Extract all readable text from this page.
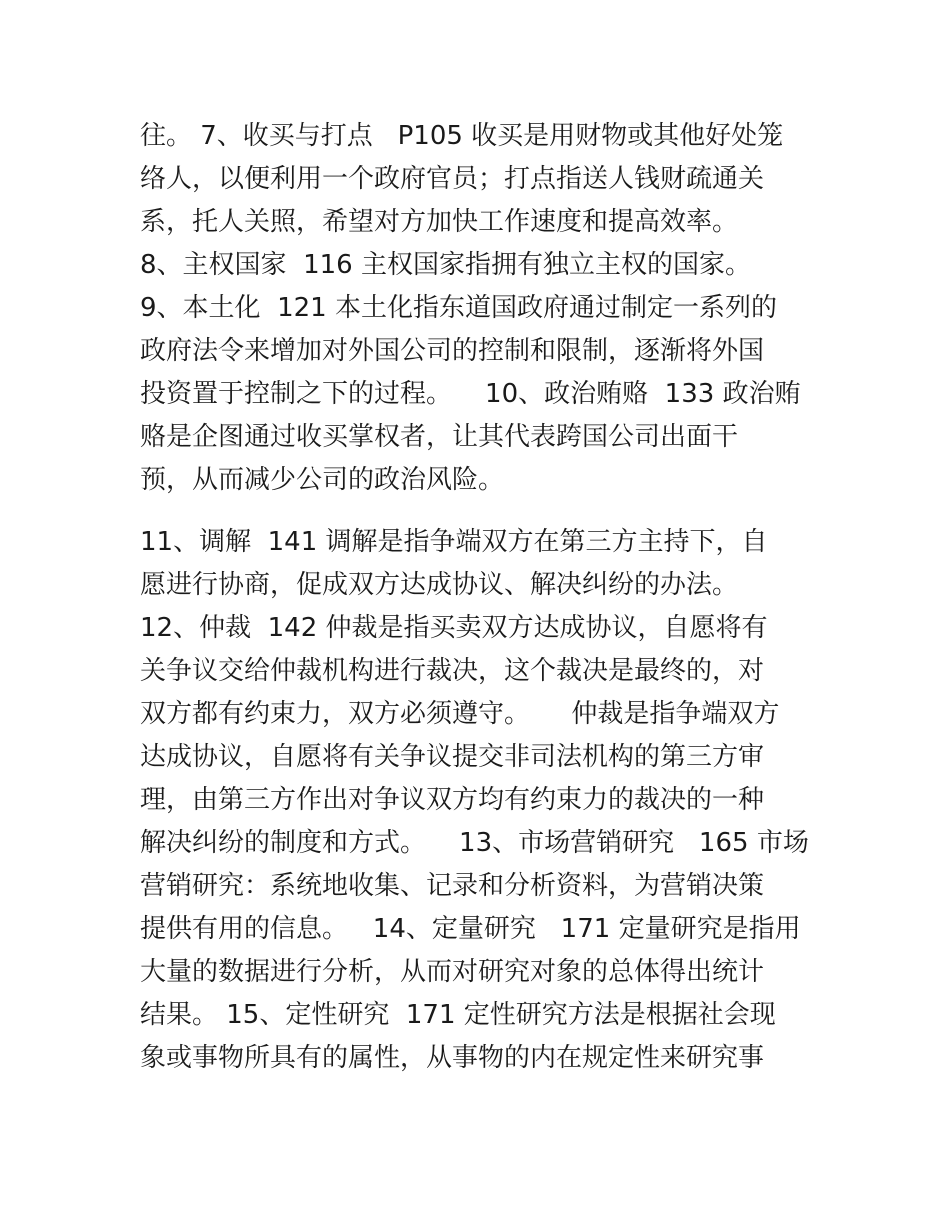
往。 7、收买与打点   P105 收买是用财物或其他好处笼
络人，以便利用一个政府官员；打点指送人钱财疏通关
系，托人关照，希望对方加快工作速度和提高效率。
8、主权国家  116 主权国家指拥有独立主权的国家。
9、本土化  121 本土化指东道国政府通过制定一系列的
政府法令来增加对外国公司的控制和限制，逐渐将外国
投资置于控制之下的过程。    10、政治贿赂  133 政治贿
赂是企图通过收买掌权者，让其代表跨国公司出面干
预，从而减少公司的政治风险。
11、调解  141 调解是指争端双方在第三方主持下，自
愿进行协商，促成双方达成协议、解决纠纷的办法。
12、仲裁  142 仲裁是指买卖双方达成协议，自愿将有
关争议交给仲裁机构进行裁决，这个裁决是最终的，对
双方都有约束力，双方必须遵守。     仲裁是指争端双方
达成协议，自愿将有关争议提交非司法机构的第三方审
理，由第三方作出对争议双方均有约束力的裁决的一种
解决纠纷的制度和方式。    13、市场营销研究   165 市场
营销研究：系统地收集、记录和分析资料，为营销决策
提供有用的信息。   14、定量研究   171 定量研究是指用
大量的数据进行分析，从而对研究对象的总体得出统计
结果。 15、定性研究  171 定性研究方法是根据社会现
象或事物所具有的属性，从事物的内在规定性来研究事
